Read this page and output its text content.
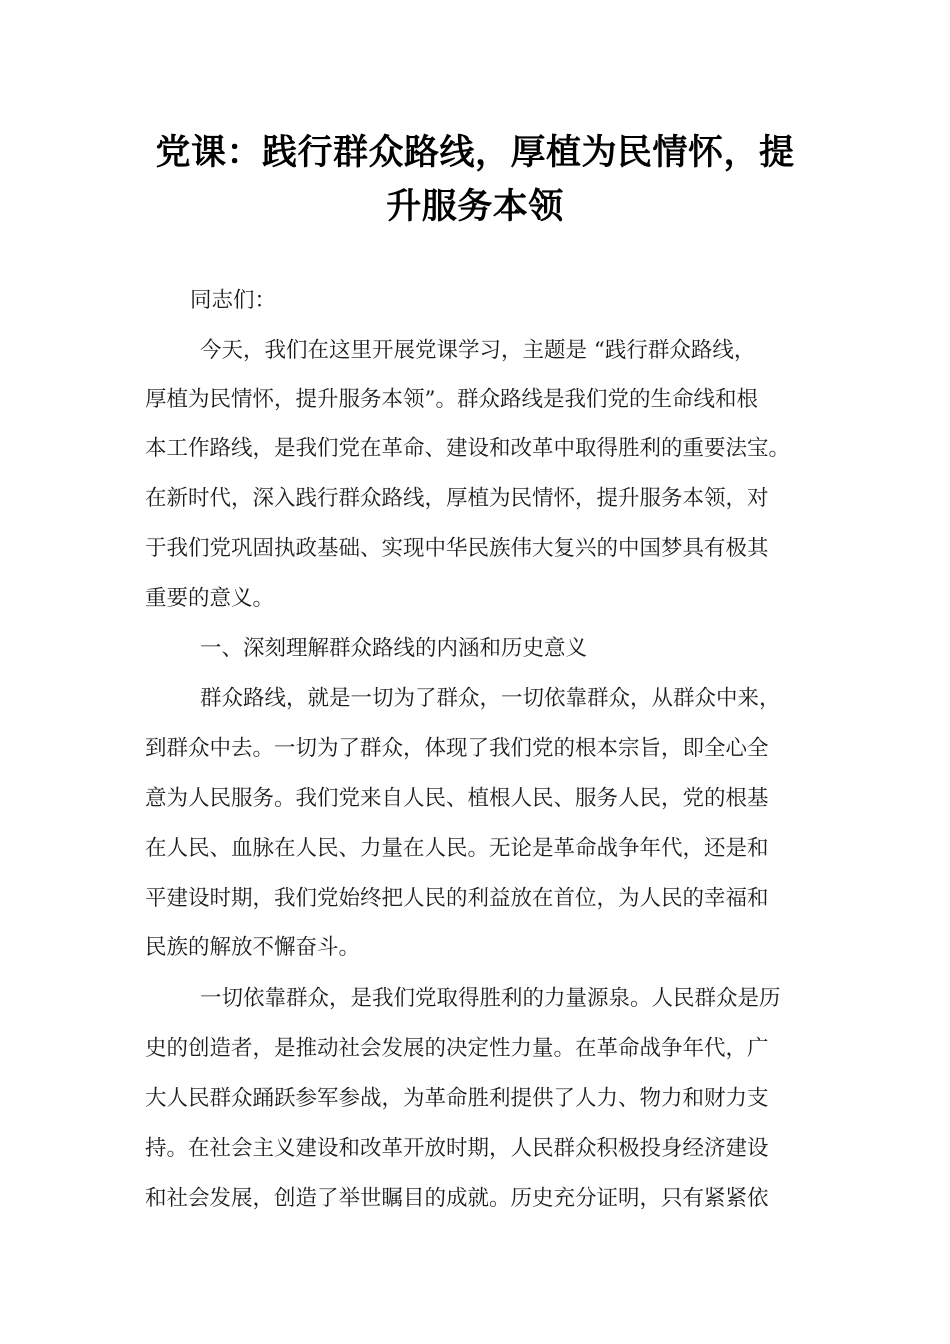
党课：践行群众路线，厚植为民情怀，提
升服务本领
同志们：
今天，我们在这里开展党课学习，主题是 “践行群众路线，
厚植为民情怀，提升服务本领”。群众路线是我们党的生命线和根
本工作路线，是我们党在革命、建设和改革中取得胜利的重要法宝。
在新时代，深入践行群众路线，厚植为民情怀，提升服务本领，对
于我们党巩固执政基础、实现中华民族伟大复兴的中国梦具有极其
重要的意义。
一、深刻理解群众路线的内涵和历史意义
群众路线，就是一切为了群众，一切依靠群众，从群众中来，
到群众中去。一切为了群众，体现了我们党的根本宗旨，即全心全
意为人民服务。我们党来自人民、植根人民、服务人民，党的根基
在人民、血脉在人民、力量在人民。无论是革命战争年代，还是和
平建设时期，我们党始终把人民的利益放在首位，为人民的幸福和
民族的解放不懈奋斗。
一切依靠群众，是我们党取得胜利的力量源泉。人民群众是历
史的创造者，是推动社会发展的决定性力量。在革命战争年代，广
大人民群众踊跃参军参战，为革命胜利提供了人力、物力和财力支
持。在社会主义建设和改革开放时期，人民群众积极投身经济建设
和社会发展，创造了举世瞩目的成就。历史充分证明，只有紧紧依
